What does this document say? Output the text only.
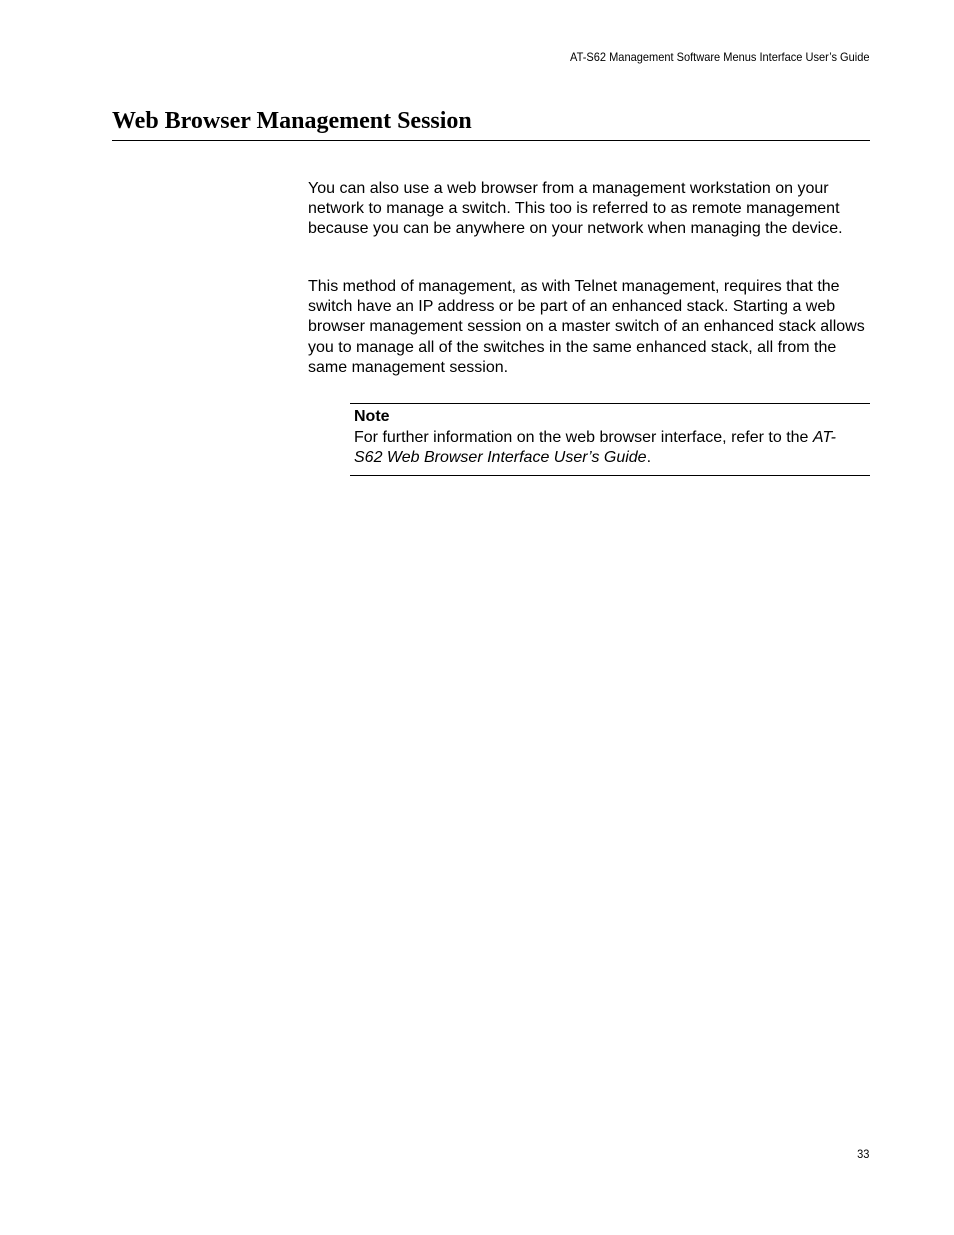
AT-S62 Management Software Menus Interface User’s Guide
Web Browser Management Session

You can also use a web browser from a management workstation on your network to manage a switch. This too is referred to as remote management because you can be anywhere on your network when managing the device.

This method of management, as with Telnet management, requires that the switch have an IP address or be part of an enhanced stack. Starting a web browser management session on a master switch of an enhanced stack allows you to manage all of the switches in the same enhanced stack, all from the same management session.

Note

For further information on the web browser interface, refer to the AT-S62 Web Browser Interface User’s Guide.

33
